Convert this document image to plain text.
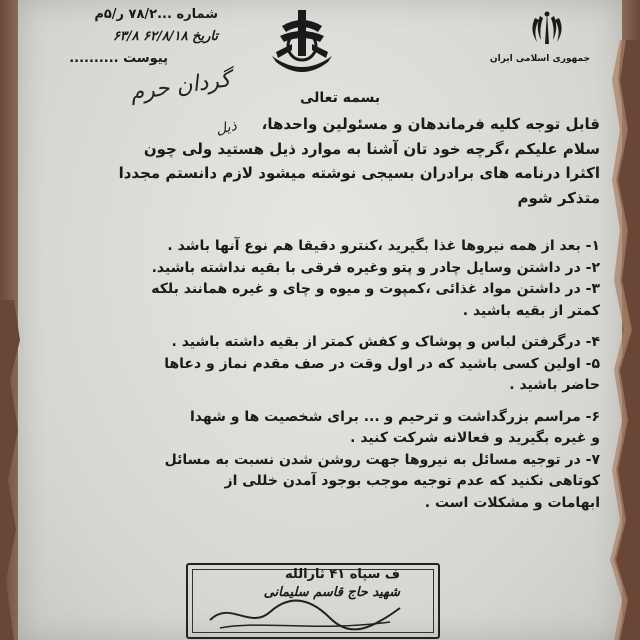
شماره ...۷۸/۲ ر/۵م
تاریخ ۶۲/۸/۱۸ ۶۳/۸
پیوست ..........	جمهوری اسلامی ایران
گردان حرم
ذیل
بسمه تعالی
قابل توجه کلیه فرماندهان و مسئولین واحدها،
سلام علیکم ،گرچه خود تان آشنا به موارد ذیل هستید ولی چون
اکثرا درنامه های برادران بسیجی نوشته میشود لازم دانستم مجددا
متذکر شوم
۱- بعد از همه نیروها غذا بگیرید ،کنترو دقیقا هم نوع آنها باشد .
۲- در داشتن وسایل چادر و پتو وغیره فرقی با بقیه نداشته باشید.
۳- در داشتن مواد غذائی ،کمپوت و میوه و چای و غیره همانند بلکه
کمتر از بقیه باشید .
۴- درگرفتن لباس و پوشاک و کفش کمتر از بقیه داشته باشید .
۵- اولین کسی باشید که در اول وقت در صف مقدم نماز و دعاها
حاضر باشید .
۶- مراسم بزرگداشت و ترحیم و ... برای شخصیت ها و شهدا
و غیره بگیرید و فعالانه شرکت کنید .
۷- در توجیه مسائل به نیروها جهت روشن شدن نسبت به مسائل
کوتاهی نکنید که عدم توجیه موجب بوجود آمدن خللی از
ابهامات و مشکلات است .
ف سپاه ۴۱ ثارالله
شهید حاج قاسم سلیمانی
